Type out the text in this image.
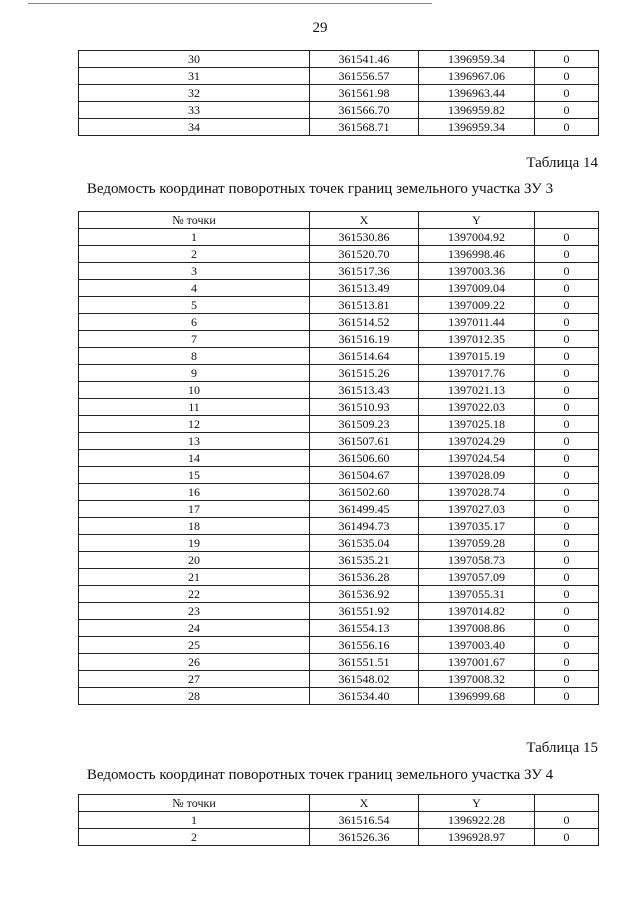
29
30	361541.46	1396959.34	0
31	361556.57	1396967.06	0
32	361561.98	1396963.44	0
33	361566.70	1396959.82	0
34	361568.71	1396959.34	0
Таблица 14
Ведомость координат поворотных точек границ земельного участка ЗУ 3
№ точки	X	Y	
1	361530.86	1397004.92	0
2	361520.70	1396998.46	0
3	361517.36	1397003.36	0
4	361513.49	1397009.04	0
5	361513.81	1397009.22	0
6	361514.52	1397011.44	0
7	361516.19	1397012.35	0
8	361514.64	1397015.19	0
9	361515.26	1397017.76	0
10	361513.43	1397021.13	0
11	361510.93	1397022.03	0
12	361509.23	1397025.18	0
13	361507.61	1397024.29	0
14	361506.60	1397024.54	0
15	361504.67	1397028.09	0
16	361502.60	1397028.74	0
17	361499.45	1397027.03	0
18	361494.73	1397035.17	0
19	361535.04	1397059.28	0
20	361535.21	1397058.73	0
21	361536.28	1397057.09	0
22	361536.92	1397055.31	0
23	361551.92	1397014.82	0
24	361554.13	1397008.86	0
25	361556.16	1397003.40	0
26	361551.51	1397001.67	0
27	361548.02	1397008.32	0
28	361534.40	1396999.68	0
Таблица 15
Ведомость координат поворотных точек границ земельного участка ЗУ 4
№ точки	X	Y	
1	361516.54	1396922.28	0
2	361526.36	1396928.97	0
